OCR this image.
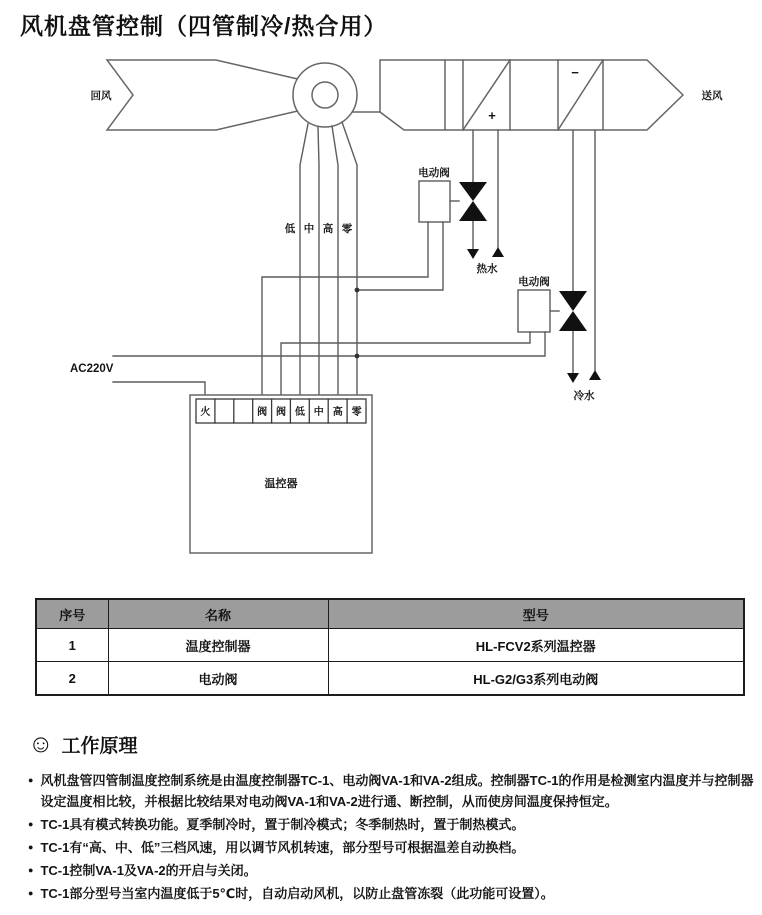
风机盘管控制（四管制冷/热合用）
+
−
回风	送风
低 中 高 零
电动阀
热水
电动阀
冷水
AC220V
火	阀 阀 低 中 高 零
温控器
序号	名称	型号
1	温度控制器	HL-FCV2系列温控器
2	电动阀	HL-G2/G3系列电动阀
☺ 工作原理
● 风机盘管四管制温度控制系统是由温度控制器TC-1、电动阀VA-1和VA-2组成。控制器TC-1的作用是检测室内温度并与控制器设定温度相比较，并根据比较结果对电动阀VA-1和VA-2进行通、断控制，从而使房间温度保持恒定。
● TC-1具有模式转换功能。夏季制冷时，置于制冷模式；冬季制热时，置于制热模式。
● TC-1有“高、中、低”三档风速，用以调节风机转速，部分型号可根据温差自动换档。
● TC-1控制VA-1及VA-2的开启与关闭。
● TC-1部分型号当室内温度低于5℃时，自动启动风机，以防止盘管冻裂（此功能可设置）。
